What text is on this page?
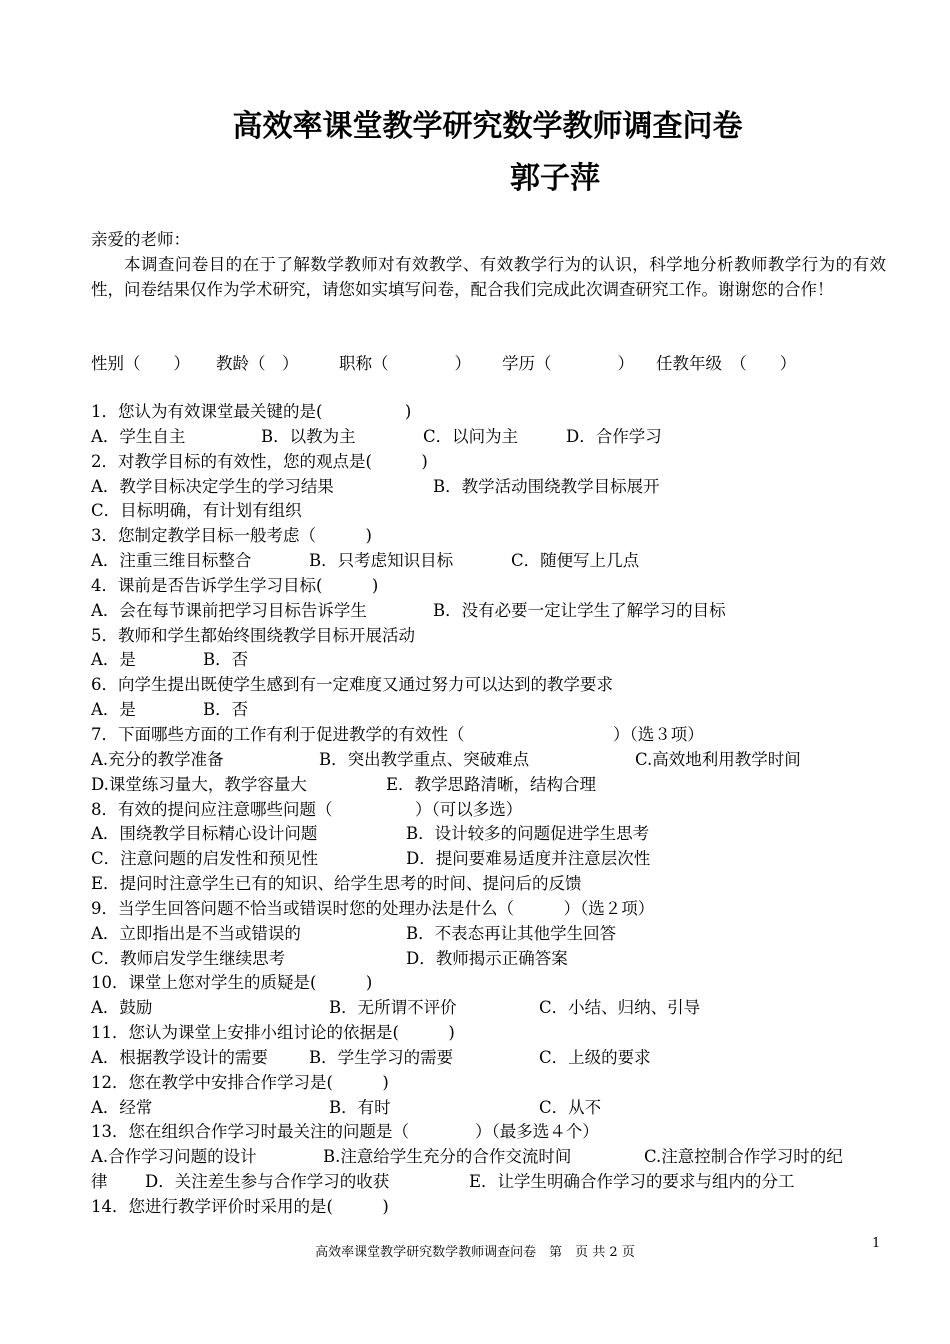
高效率课堂教学研究数学教师调查问卷
郭子萍
亲爱的老师：
本调查问卷目的在于了解数学教师对有效教学、有效教学行为的认识，科学地分析教师教学行为的有效性，问卷结果仅作为学术研究，请您如实填写问卷，配合我们完成此次调查研究工作。谢谢您的合作！
性别（　　） 教龄（　） 职称（　　　　） 学历（　　　　） 任教年级　（　　）
1．您认为有效课堂最关键的是(　　　　　)
A．学生自主	B．以教为主	C．以问为主	D．合作学习
2．对教学目标的有效性，您的观点是(　　　)
A．教学目标决定学生的学习结果	B．教学活动围绕教学目标展开
C．目标明确，有计划有组织
3．您制定教学目标一般考虑（　　　)
A．注重三维目标整合	B．只考虑知识目标	C．随便写上几点
4．课前是否告诉学生学习目标(　　　)
A．会在每节课前把学习目标告诉学生	B．没有必要一定让学生了解学习的目标
5．教师和学生都始终围绕教学目标开展活动
A．是	B．否
6．向学生提出既使学生感到有一定难度又通过努力可以达到的教学要求
A．是	B．否
7．下面哪些方面的工作有利于促进教学的有效性（　　　　　　　　　）（选３项）
A.充分的教学准备	B．突出教学重点、突破难点	C.高效地利用教学时间
D.课堂练习量大，教学容量大	E．教学思路清晰，结构合理
8．有效的提问应注意哪些问题（　　　　　）（可以多选）
A．围绕教学目标精心设计问题	B．设计较多的问题促进学生思考
C．注意问题的启发性和预见性	D．提问要难易适度并注意层次性
E．提问时注意学生已有的知识、给学生思考的时间、提问后的反馈
9．当学生回答问题不恰当或错误时您的处理办法是什么（　　　）（选２项）
A．立即指出是不当或错误的	B．不表态再让其他学生回答
C．教师启发学生继续思考	D．教师揭示正确答案
10．课堂上您对学生的质疑是(　　　)
A．鼓励	B．无所谓不评价	C．小结、归纳、引导
11．您认为课堂上安排小组讨论的依据是(　　　)
A．根据教学设计的需要 B．学生学习的需要	C．上级的要求
12．您在教学中安排合作学习是(　　　)
A．经常	B．有时	C．从不
13．您在组织合作学习时最关注的问题是（　　　　）（最多选４个）
A.合作学习问题的设计	B.注意给学生充分的合作交流时间	C.注意控制合作学习时的纪
律 D．关注差生参与合作学习的收获	E．让学生明确合作学习的要求与组内的分工
14．您进行教学评价时采用的是(　　　)
1
高效率课堂教学研究数学教师调查问卷　第　页 共 2 页
